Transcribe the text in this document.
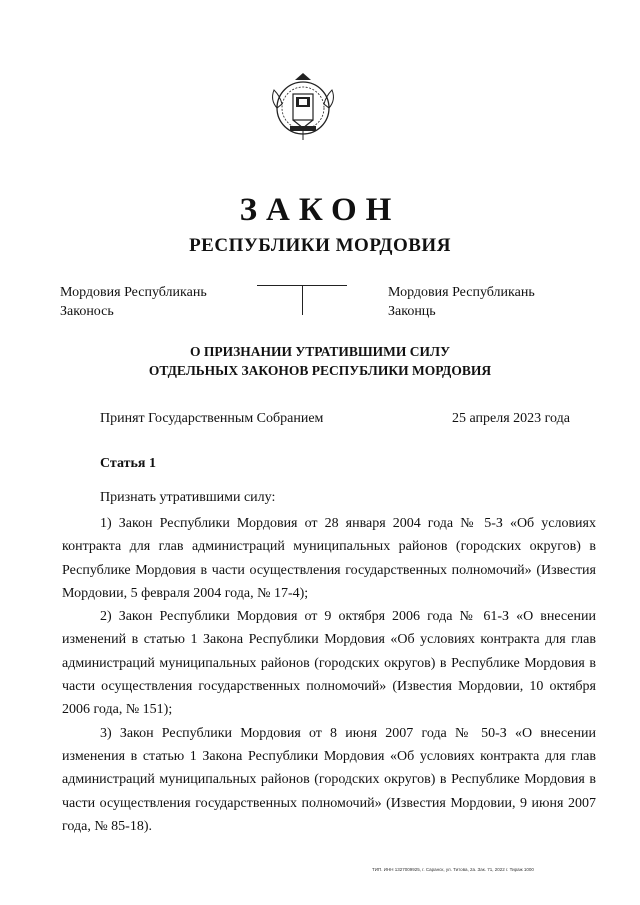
ЗАКОН
РЕСПУБЛИКИ МОРДОВИЯ
Мордовия Республикань
Законось
Мордовия Республикань
Законць
О ПРИЗНАНИИ УТРАТИВШИМИ СИЛУ
ОТДЕЛЬНЫХ ЗАКОНОВ РЕСПУБЛИКИ МОРДОВИЯ
Принят Государственным Собранием	25 апреля 2023 года
Статья 1
Признать утратившими силу:

1) Закон Республики Мордовия от 28 января 2004 года № 5-З «Об условиях контракта для глав администраций муниципальных районов (городских округов) в Республике Мордовия в части осуществления государственных полномочий» (Известия Мордовии, 5 февраля 2004 года, № 17-4);

2) Закон Республики Мордовия от 9 октября 2006 года № 61-З «О внесении изменений в статью 1 Закона Республики Мордовия «Об условиях контракта для глав администраций муниципальных районов (городских округов) в Республике Мордовия в части осуществления государственных полномочий» (Известия Мордовии, 10 октября 2006 года, № 151);

3) Закон Республики Мордовия от 8 июня 2007 года № 50-З «О внесении изменения в статью 1 Закона Республики Мордовия «Об условиях контракта для глав администраций муниципальных районов (городских округов) в Республике Мордовия в части осуществления государственных полномочий» (Известия Мордовии, 9 июня 2007 года, № 85-18).

ТИП. ИНН 1327009925, г. Саранск, ул. Титова, 2а. Зак. 71, 2022 г. Тираж 1000
